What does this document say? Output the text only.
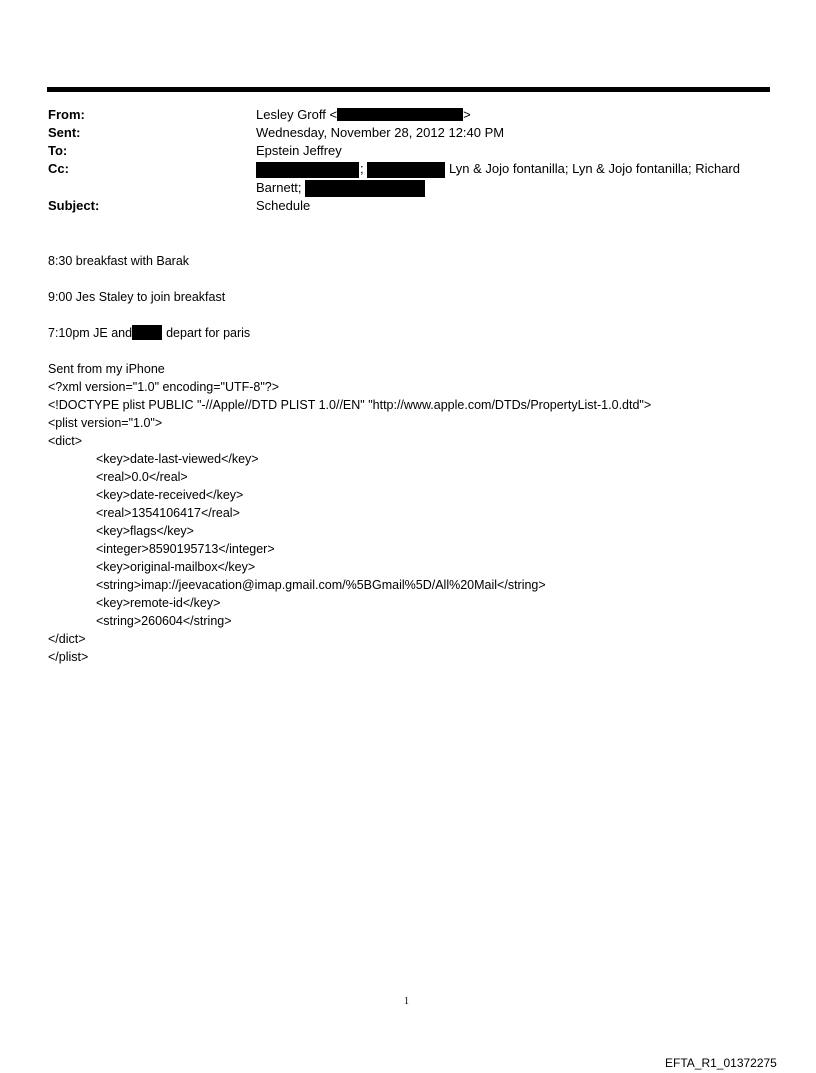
From:	Lesley Groff <	>
Sent:	Wednesday, November 28, 2012 12:40 PM
To:	Epstein Jeffrey
Cc:	;	Lyn & Jojo fontanilla; Lyn & Jojo fontanilla; Richard
Barnett;
Subject:	Schedule
8:30 breakfast with Barak
9:00 Jes Staley to join breakfast
7:10pm JE and	depart for paris
Sent from my iPhone
<?xml version="1.0" encoding="UTF-8"?>
<!DOCTYPE plist PUBLIC "-//Apple//DTD PLIST 1.0//EN" "http://www.apple.com/DTDs/PropertyList-1.0.dtd">
<plist version="1.0">
<dict>
<key>date-last-viewed</key>
<real>0.0</real>
<key>date-received</key>
<real>1354106417</real>
<key>flags</key>
<integer>8590195713</integer>
<key>original-mailbox</key>
<string>imap://jeevacation@imap.gmail.com/%5BGmail%5D/All%20Mail</string>
<key>remote-id</key>
<string>260604</string>
</dict>
</plist>
1
EFTA_R1_01372275
